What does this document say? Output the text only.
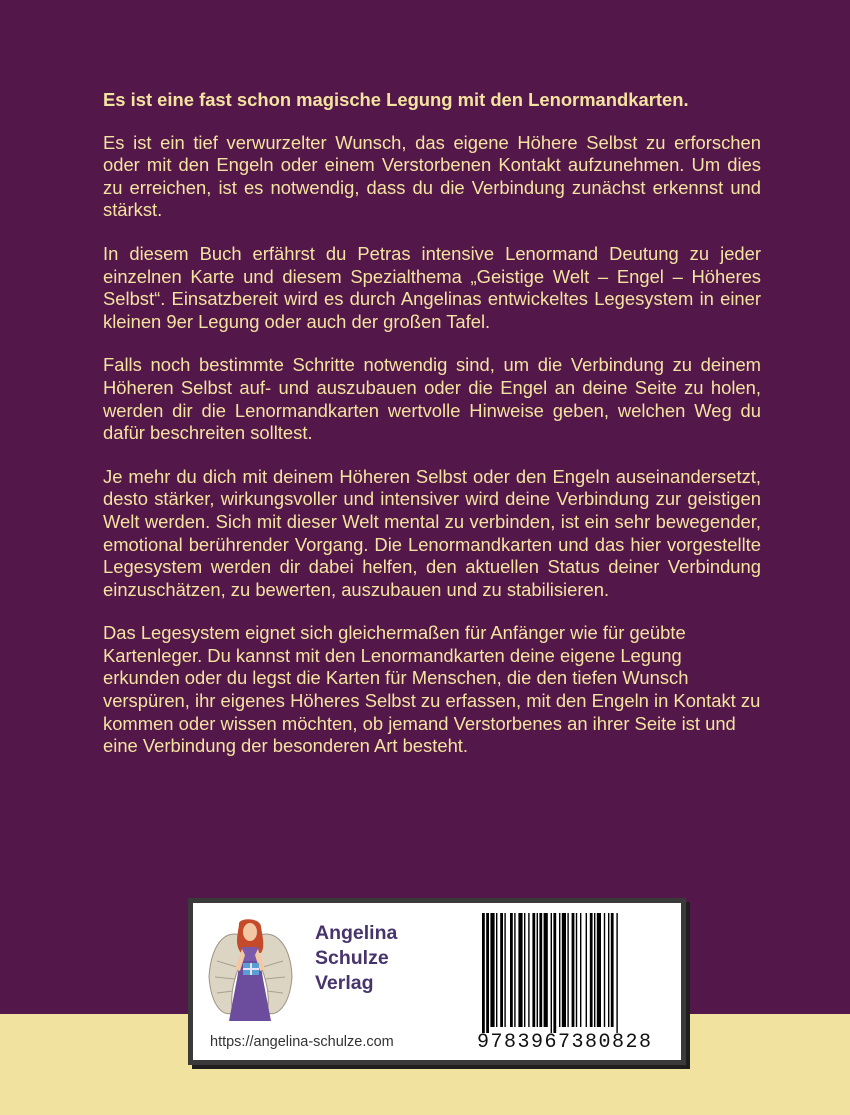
Es ist eine fast schon magische Legung mit den Lenormandkarten.

Es ist ein tief verwurzelter Wunsch, das eigene Höhere Selbst zu erforschen oder mit den Engeln oder einem Verstorbenen Kontakt aufzunehmen. Um dies zu erreichen, ist es notwendig, dass du die Verbindung zunächst erkennst und stärkst.

In diesem Buch erfährst du Petras intensive Lenormand Deutung zu jeder einzelnen Karte und diesem Spezialthema „Geistige Welt – Engel – Höheres Selbst“. Einsatzbereit wird es durch Angelinas entwickeltes Legesystem in einer kleinen 9er Legung oder auch der großen Tafel.

Falls noch bestimmte Schritte notwendig sind, um die Verbindung zu deinem Höheren Selbst auf- und auszubauen oder die Engel an deine Seite zu holen, werden dir die Lenormandkarten wertvolle Hinweise geben, welchen Weg du dafür beschreiten solltest.

Je mehr du dich mit deinem Höheren Selbst oder den Engeln auseinandersetzt, desto stärker, wirkungsvoller und intensiver wird deine Verbindung zur geistigen Welt werden. Sich mit dieser Welt mental zu verbinden, ist ein sehr bewegender, emotional berührender Vorgang. Die Lenormandkarten und das hier vorgestellte Legesystem werden dir dabei helfen, den aktuellen Status deiner Verbindung einzuschätzen, zu bewerten, auszubauen und zu stabilisieren.

Das Legesystem eignet sich gleichermaßen für Anfänger wie für geübte Kartenleger. Du kannst mit den Lenormandkarten deine eigene Legung erkunden oder du legst die Karten für Menschen, die den tiefen Wunsch verspüren, ihr eigenes Höheres Selbst zu erfassen, mit den Engeln in Kontakt zu kommen oder wissen möchten, ob jemand Verstorbenes an ihrer Seite ist und eine Verbindung der besonderen Art besteht.

Angelina
Schulze
Verlag
https://angelina-schulze.com	9783967380828
